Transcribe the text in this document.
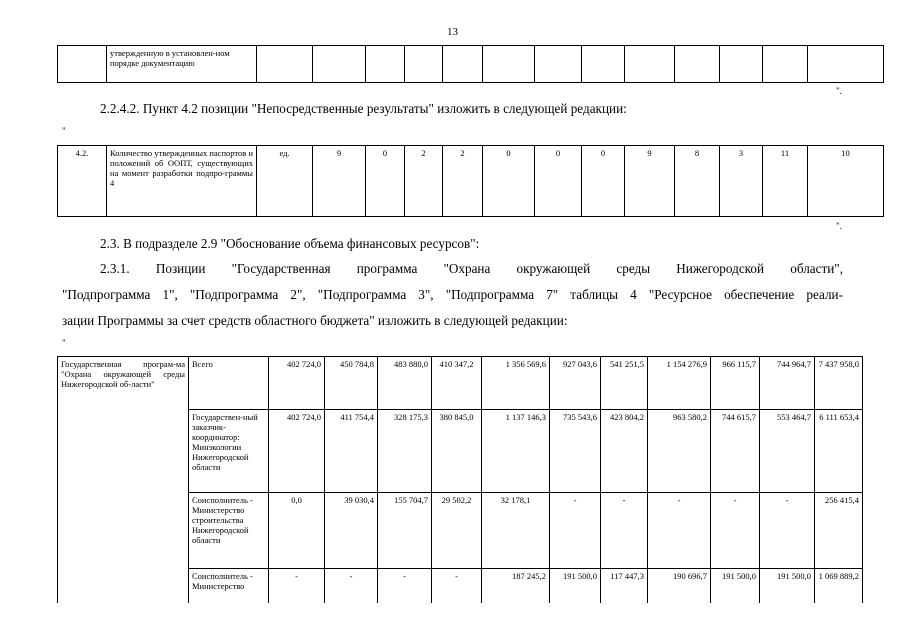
13
	утвержденную в установлен-ном порядке документацию													
".
2.2.4.2. Пункт 4.2 позиции "Непосредственные результаты" изложить в следующей редакции:
"
4.2.	Количество утвержденных паспортов и положений об ООПТ, существующих на момент разработки подпро-граммы 4	ед.	9	0	2	2	0	0	0	9	8	3	11	10
".
2.3. В подразделе 2.9 "Обоснование объема финансовых ресурсов":
2.3.1. Позиции "Государственная программа "Охрана окружающей среды Нижегородской области",
"Подпрограмма 1", "Подпрограмма 2", "Подпрограмма 3", "Подпрограмма 7" таблицы 4 "Ресурсное обеспечение реали-
зации Программы за счет средств областного бюджета" изложить в следующей редакции:
"
Государственная програм-ма "Охрана окружающей среды Нижегородской об-ласти"	Всего	402 724,0	450 784,8	483 880,0	410 347,2	1 356 569,6	927 043,6	541 251,5	1 154 276,9	966 115,7	744 964,7	7 437 958,0
	Государствен-ный заказчик-координатор: Минэкологии Нижегородской области	402 724,0	411 754,4	328 175,3	380 845,0	1 137 146,3	735 543,6	423 804,2	963 580,2	744 615,7	553 464,7	6 111 653,4
	Соисполнитель - Министерство строительства Нижегородской области	0,0	39 030,4	155 704,7	29 502,2	32 178,1	-	-	-	-	-	256 415,4
	Соисполнитель - Министерство	-	-	-	-	187 245,2	191 500,0	117 447,3	190 696,7	191 500,0	191 500,0	1 069 889,2
